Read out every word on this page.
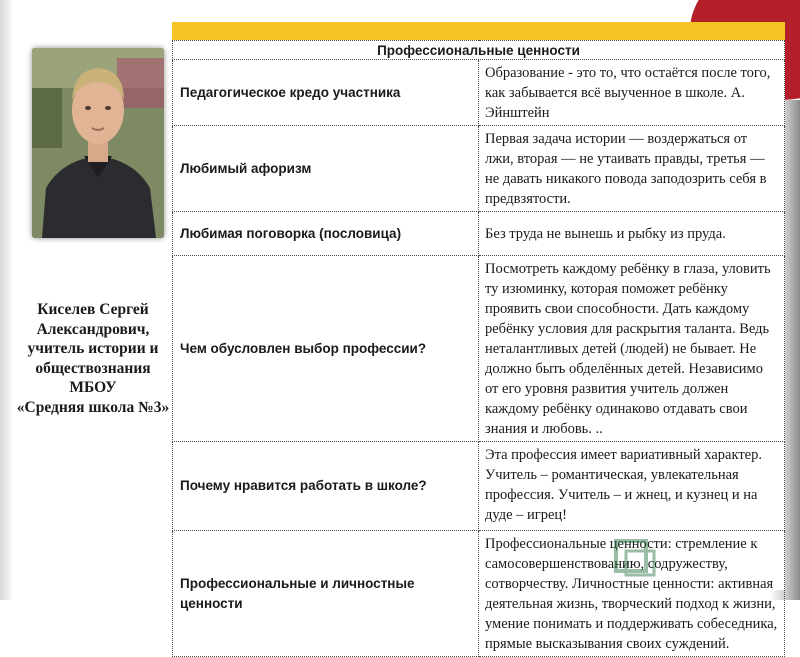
Киселев Сергей
Александрович,
учитель истории и
обществознания
МБОУ
«Средняя школа №3»
Профессиональные ценности	
Педагогическое кредо участника	Образование - это то, что остаётся после того, как забывается всё выученное в школе. А. Эйнштейн
Любимый афоризм	Первая задача истории — воздержаться от лжи, вторая — не утаивать правды, третья — не давать никакого повода заподозрить себя в предвзятости.
Любимая поговорка (пословица)	Без труда не вынешь и рыбку из пруда.
Чем обусловлен выбор профессии?	Посмотреть каждому ребёнку в глаза, уловить ту изюминку, которая поможет ребёнку проявить свои способности. Дать каждому ребёнку условия для раскрытия таланта. Ведь неталантливых детей (людей) не бывает. Не должно быть обделённых детей. Независимо от его уровня развития учитель должен каждому ребёнку одинаково отдавать свои знания и любовь. ..
Почему нравится работать в школе?	Эта профессия имеет вариативный характер. Учитель – романтическая, увлекательная профессия. Учитель – и жнец, и кузнец и на дуде – игрец!
Профессиональные и личностные ценности	Профессиональные ценности: стремление к самосовершенствованию, содружеству, сотворчеству. Личностные ценности: активная деятельная жизнь, творческий подход к жизни, умение понимать и поддерживать собеседника, прямые высказывания своих суждений.
